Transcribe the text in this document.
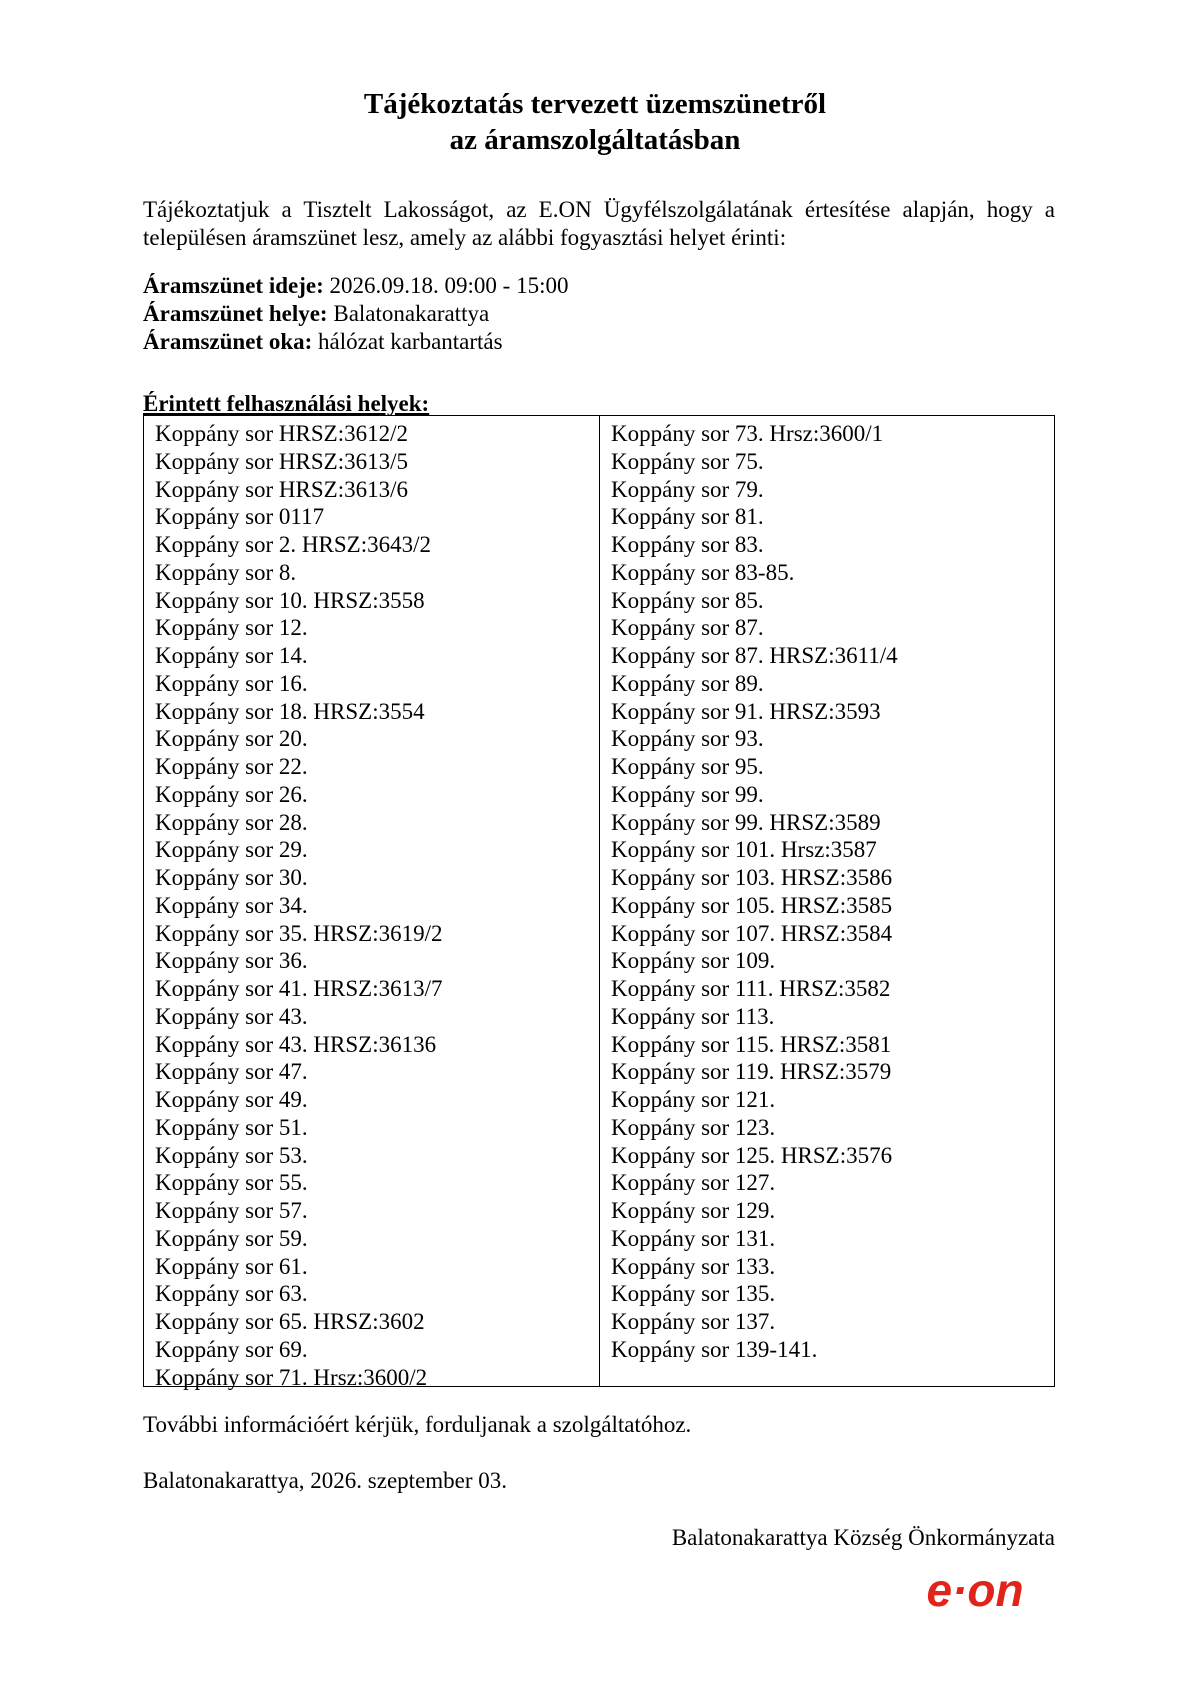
Tájékoztatás tervezett üzemszünetről
az áramszolgáltatásban
Tájékoztatjuk a Tisztelt Lakosságot, az E.ON Ügyfélszolgálatának értesítése alapján, hogy a
településen áramszünet lesz, amely az alábbi fogyasztási helyet érinti:
Áramszünet ideje: 2026.09.18. 09:00 - 15:00
Áramszünet helye: Balatonakarattya
Áramszünet oka: hálózat karbantartás
Érintett felhasználási helyek:
Koppány sor HRSZ:3612/2
Koppány sor HRSZ:3613/5
Koppány sor HRSZ:3613/6
Koppány sor 0117
Koppány sor 2. HRSZ:3643/2
Koppány sor 8.
Koppány sor 10. HRSZ:3558
Koppány sor 12.
Koppány sor 14.
Koppány sor 16.
Koppány sor 18. HRSZ:3554
Koppány sor 20.
Koppány sor 22.
Koppány sor 26.
Koppány sor 28.
Koppány sor 29.
Koppány sor 30.
Koppány sor 34.
Koppány sor 35. HRSZ:3619/2
Koppány sor 36.
Koppány sor 41. HRSZ:3613/7
Koppány sor 43.
Koppány sor 43. HRSZ:36136
Koppány sor 47.
Koppány sor 49.
Koppány sor 51.
Koppány sor 53.
Koppány sor 55.
Koppány sor 57.
Koppány sor 59.
Koppány sor 61.
Koppány sor 63.
Koppány sor 65. HRSZ:3602
Koppány sor 69.
Koppány sor 71. Hrsz:3600/2
Koppány sor 73. Hrsz:3600/1
Koppány sor 75.
Koppány sor 79.
Koppány sor 81.
Koppány sor 83.
Koppány sor 83-85.
Koppány sor 85.
Koppány sor 87.
Koppány sor 87. HRSZ:3611/4
Koppány sor 89.
Koppány sor 91. HRSZ:3593
Koppány sor 93.
Koppány sor 95.
Koppány sor 99.
Koppány sor 99. HRSZ:3589
Koppány sor 101. Hrsz:3587
Koppány sor 103. HRSZ:3586
Koppány sor 105. HRSZ:3585
Koppány sor 107. HRSZ:3584
Koppány sor 109.
Koppány sor 111. HRSZ:3582
Koppány sor 113.
Koppány sor 115. HRSZ:3581
Koppány sor 119. HRSZ:3579
Koppány sor 121.
Koppány sor 123.
Koppány sor 125. HRSZ:3576
Koppány sor 127.
Koppány sor 129.
Koppány sor 131.
Koppány sor 133.
Koppány sor 135.
Koppány sor 137.
Koppány sor 139-141.
További információért kérjük, forduljanak a szolgáltatóhoz.
Balatonakarattya, 2026. szeptember 03.
Balatonakarattya Község Önkormányzata
e·on
